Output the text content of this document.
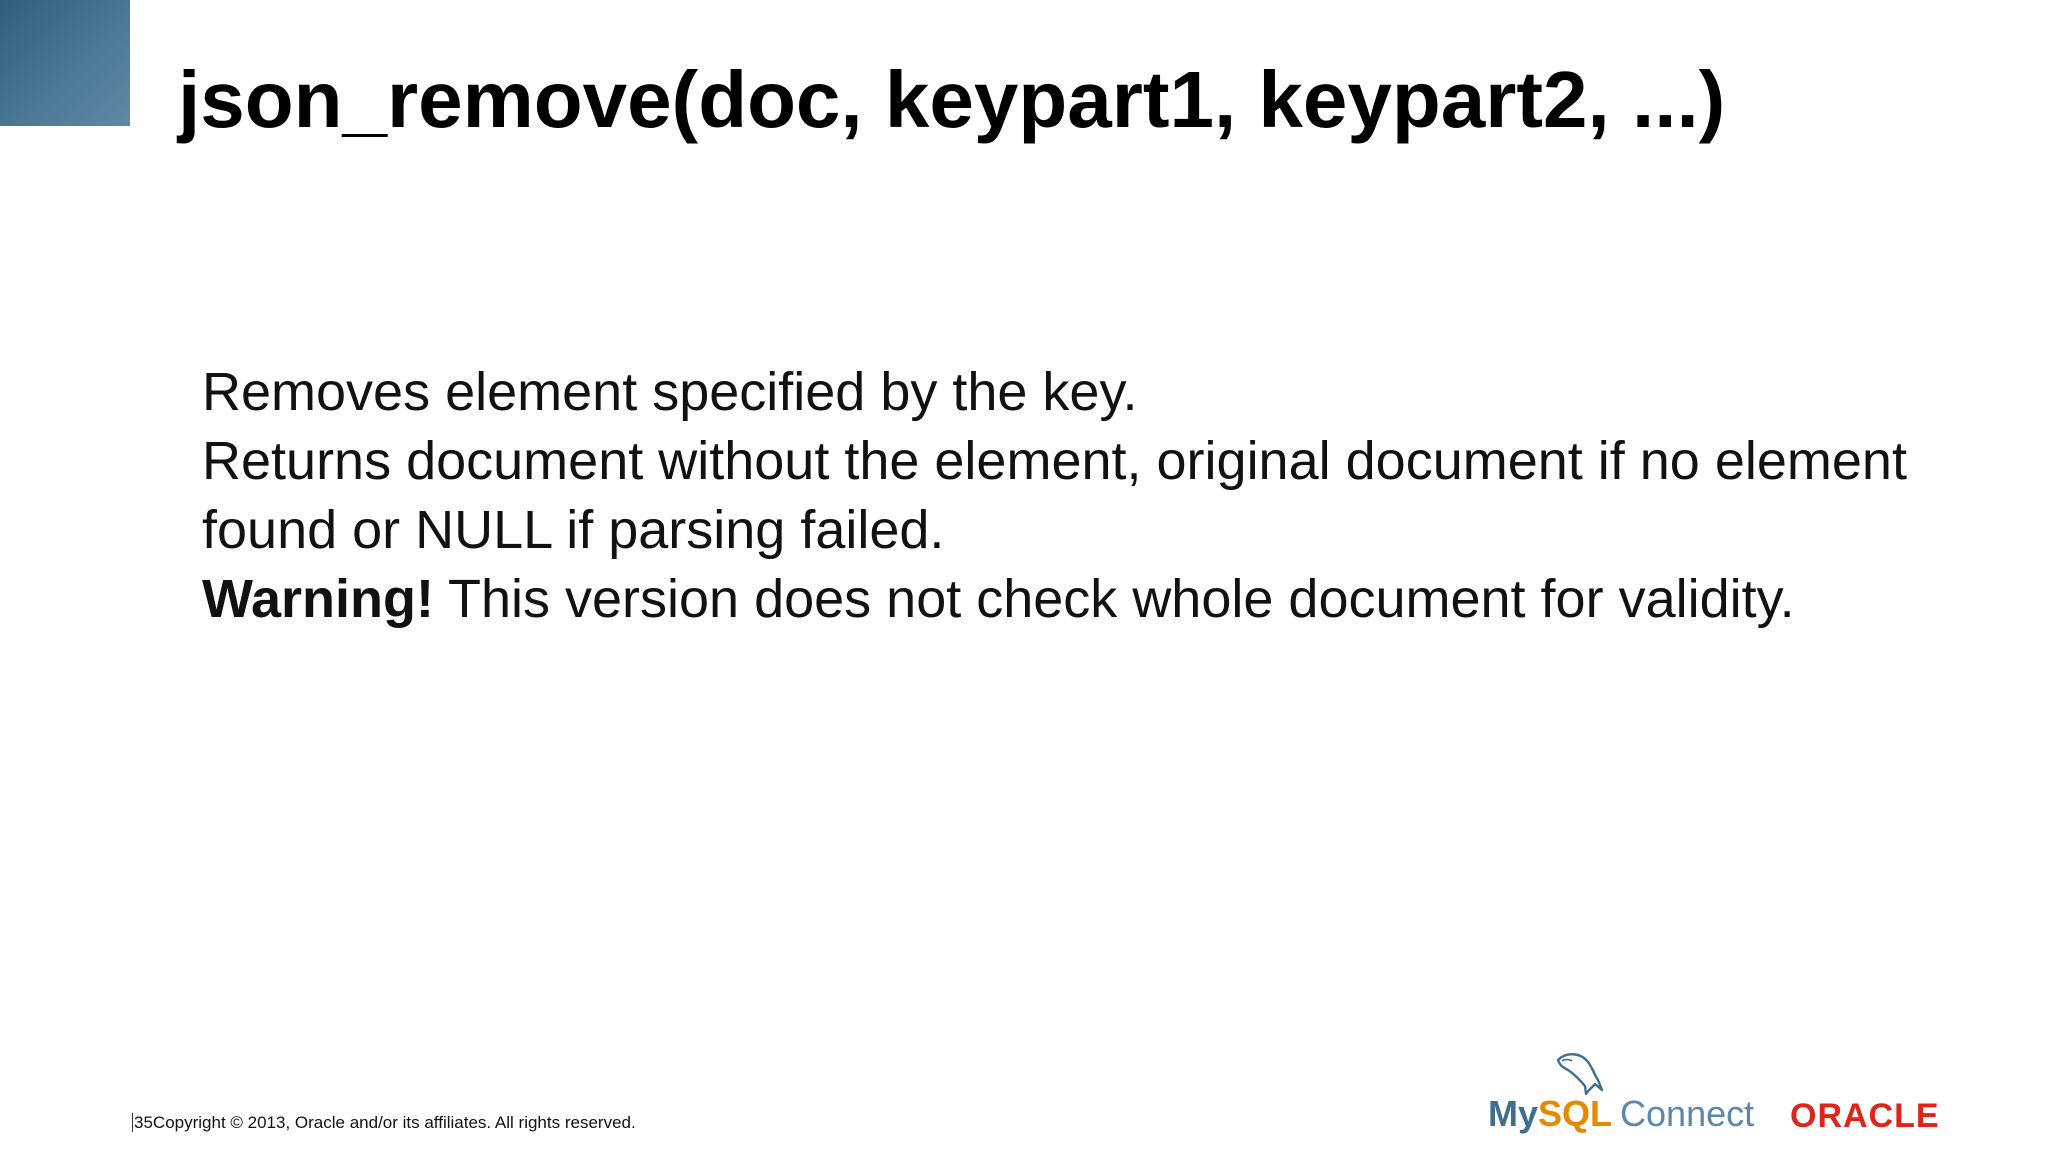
json_remove(doc, keypart1, keypart2, ...)
Removes element specified by the key.
Returns document without the element, original document if no element
found or NULL if parsing failed.
Warning! This version does not check whole document for validity.
35Copyright © 2013, Oracle and/or its affiliates. All rights reserved.	MySQL Connect ORACLE
